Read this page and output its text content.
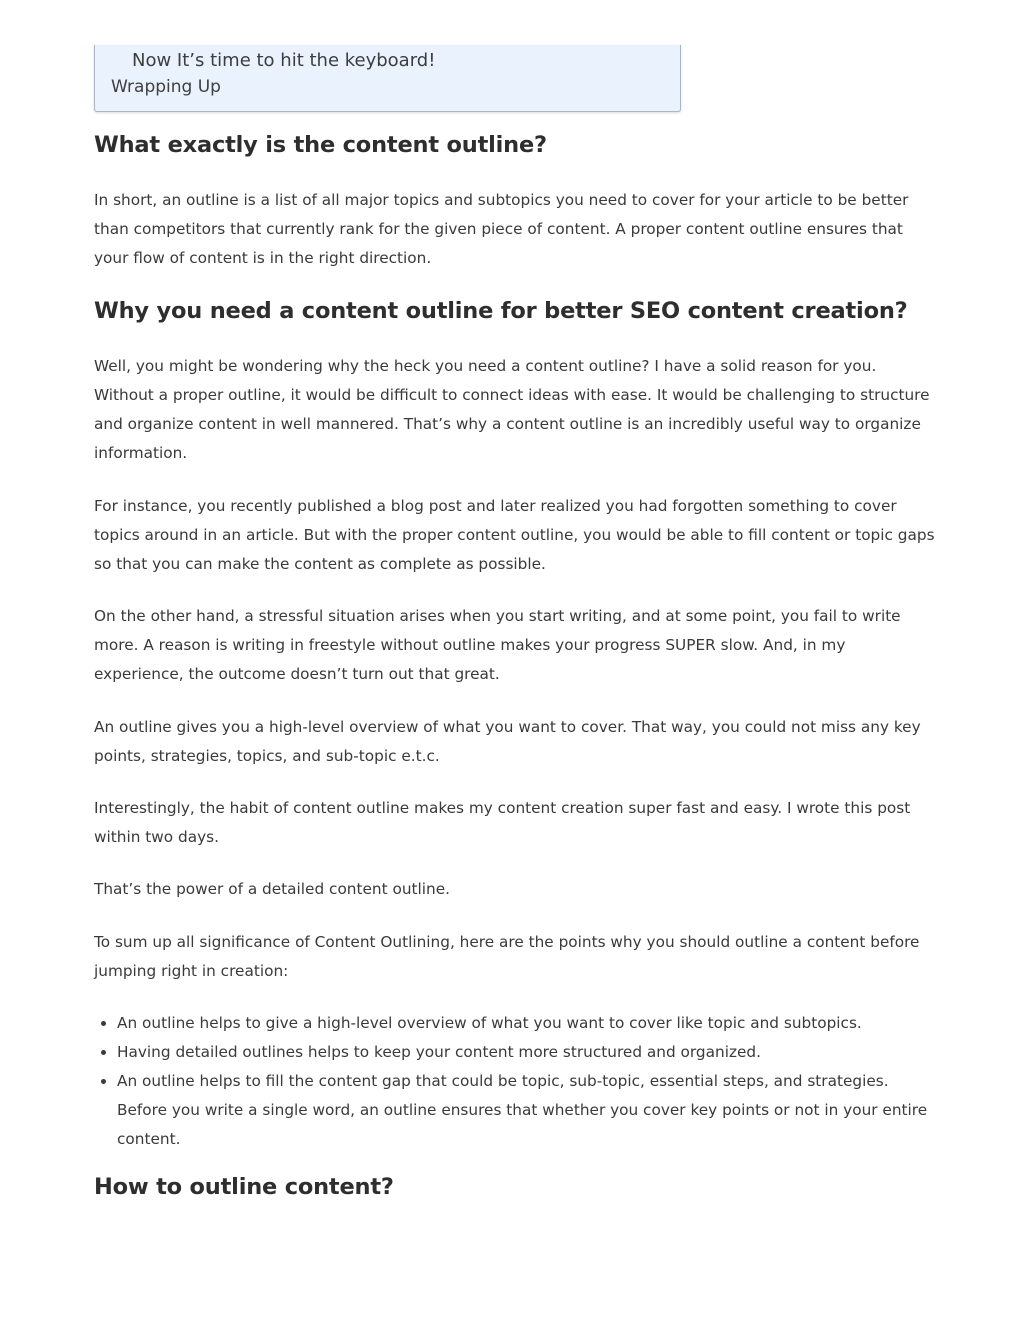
Now It’s time to hit the keyboard!
Wrapping Up
What exactly is the content outline?

In short, an outline is a list of all major topics and subtopics you need to cover for your article to be better than competitors that currently rank for the given piece of content. A proper content outline ensures that your flow of content is in the right direction.

Why you need a content outline for better SEO content creation?

Well, you might be wondering why the heck you need a content outline? I have a solid reason for you. Without a proper outline, it would be difficult to connect ideas with ease. It would be challenging to structure and organize content in well mannered. That’s why a content outline is an incredibly useful way to organize information.

For instance, you recently published a blog post and later realized you had forgotten something to cover topics around in an article. But with the proper content outline, you would be able to fill content or topic gaps so that you can make the content as complete as possible.

On the other hand, a stressful situation arises when you start writing, and at some point, you fail to write more. A reason is writing in freestyle without outline makes your progress SUPER slow. And, in my experience, the outcome doesn’t turn out that great.

An outline gives you a high-level overview of what you want to cover. That way, you could not miss any key points, strategies, topics, and sub-topic e.t.c.

Interestingly, the habit of content outline makes my content creation super fast and easy. I wrote this post within two days.

That’s the power of a detailed content outline.

To sum up all significance of Content Outlining, here are the points why you should outline a content before jumping right in creation:

• An outline helps to give a high-level overview of what you want to cover like topic and subtopics.
• Having detailed outlines helps to keep your content more structured and organized.
• An outline helps to fill the content gap that could be topic, sub-topic, essential steps, and strategies. Before you write a single word, an outline ensures that whether you cover key points or not in your entire content.
How to outline content?
